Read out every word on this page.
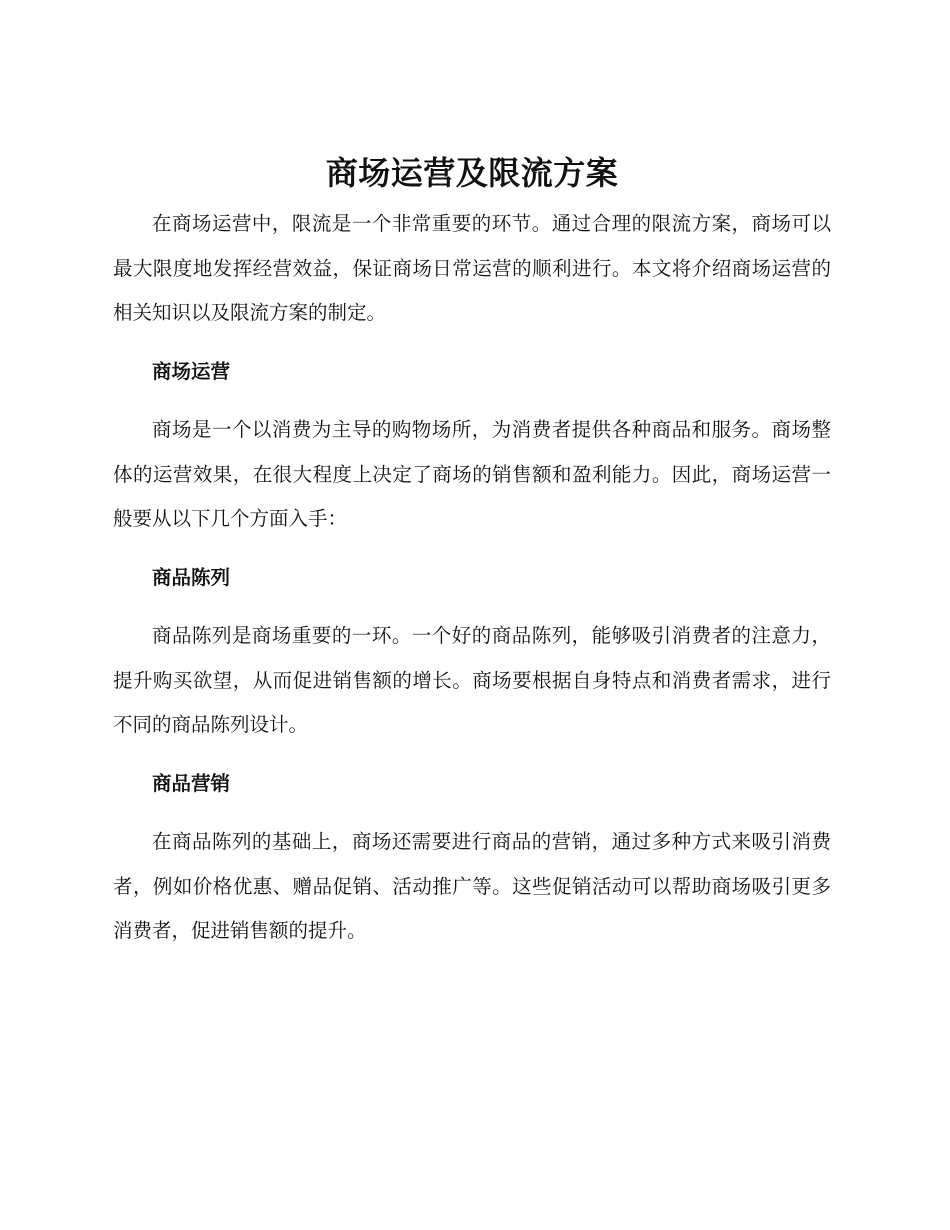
商场运营及限流方案

在商场运营中，限流是一个非常重要的环节。通过合理的限流方案，商场可以最大限度地发挥经营效益，保证商场日常运营的顺利进行。本文将介绍商场运营的相关知识以及限流方案的制定。

商场运营

商场是一个以消费为主导的购物场所，为消费者提供各种商品和服务。商场整体的运营效果，在很大程度上决定了商场的销售额和盈利能力。因此，商场运营一般要从以下几个方面入手：

商品陈列

商品陈列是商场重要的一环。一个好的商品陈列，能够吸引消费者的注意力，提升购买欲望，从而促进销售额的增长。商场要根据自身特点和消费者需求，进行不同的商品陈列设计。

商品营销

在商品陈列的基础上，商场还需要进行商品的营销，通过多种方式来吸引消费者，例如价格优惠、赠品促销、活动推广等。这些促销活动可以帮助商场吸引更多消费者，促进销售额的提升。
